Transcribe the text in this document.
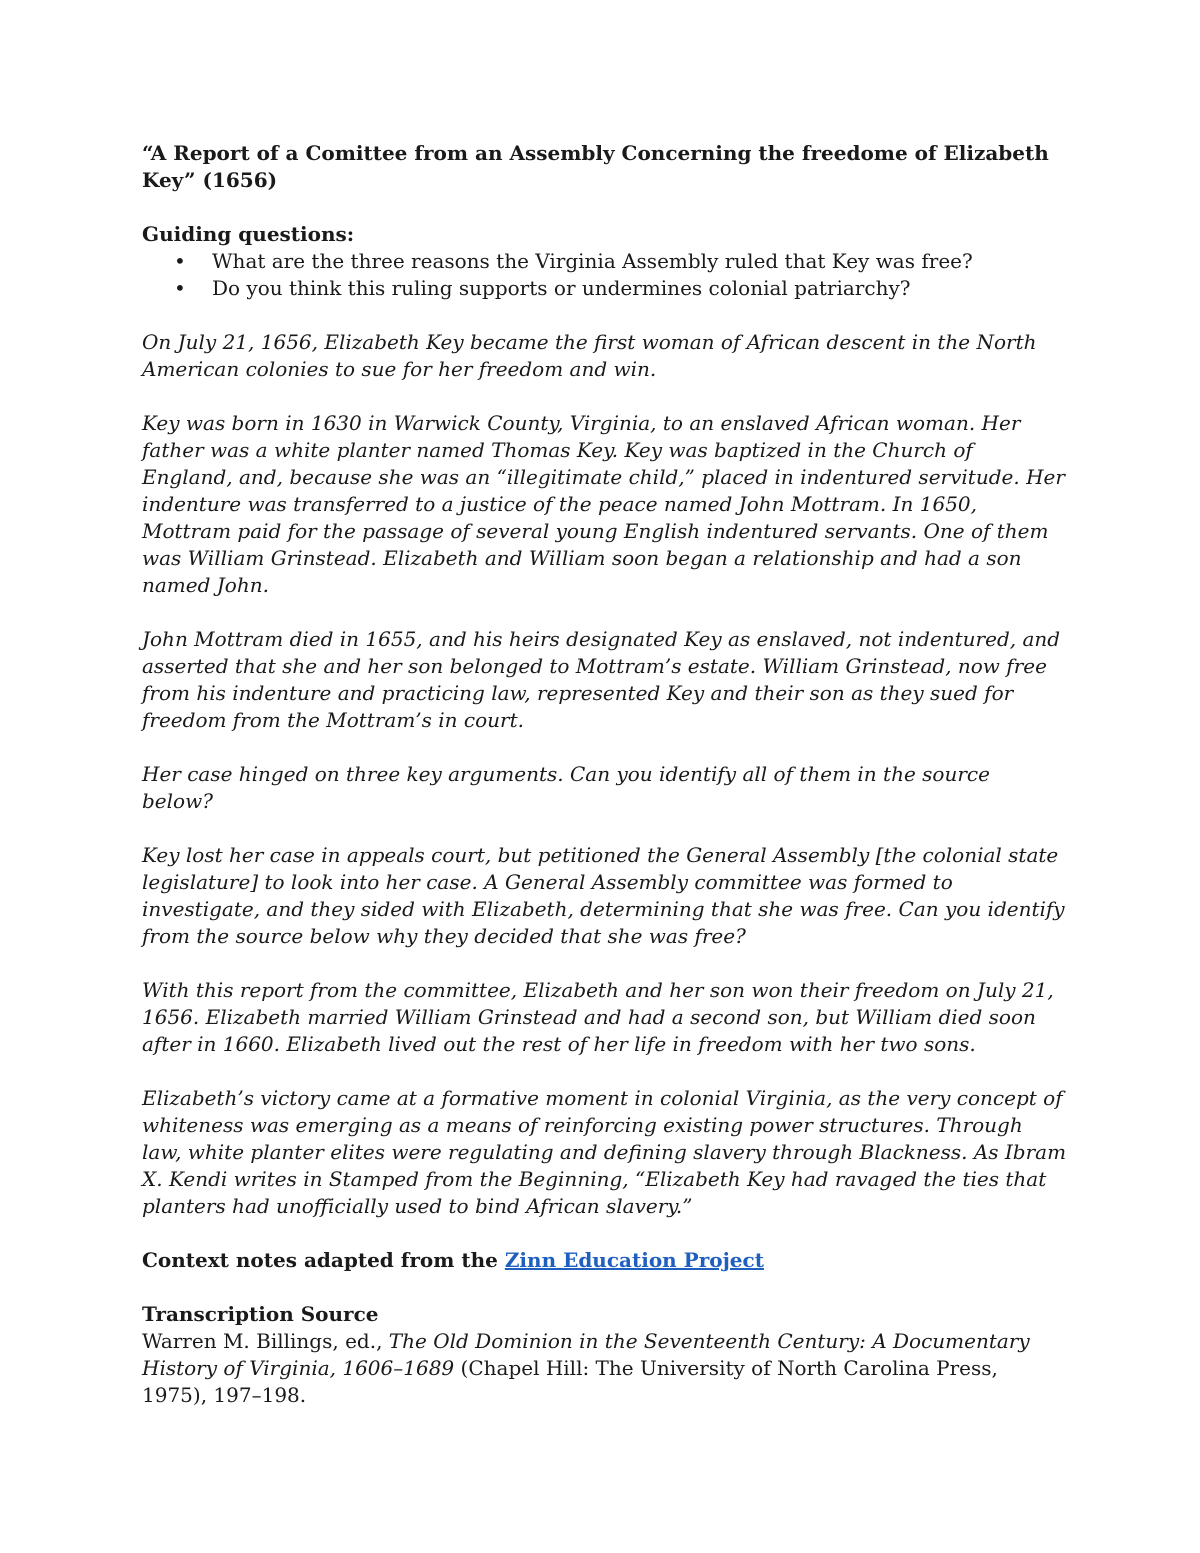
“A Report of a Comittee from an Assembly Concerning the freedome of Elizabeth Key” (1656)

Guiding questions:

• What are the three reasons the Virginia Assembly ruled that Key was free?
• Do you think this ruling supports or undermines colonial patriarchy?

On July 21, 1656, Elizabeth Key became the first woman of African descent in the North American colonies to sue for her freedom and win.

Key was born in 1630 in Warwick County, Virginia, to an enslaved African woman. Her father was a white planter named Thomas Key. Key was baptized in the Church of England, and, because she was an “illegitimate child,” placed in indentured servitude. Her indenture was transferred to a justice of the peace named John Mottram. In 1650, Mottram paid for the passage of several young English indentured servants. One of them was William Grinstead. Elizabeth and William soon began a relationship and had a son named John.

John Mottram died in 1655, and his heirs designated Key as enslaved, not indentured, and asserted that she and her son belonged to Mottram’s estate. William Grinstead, now free from his indenture and practicing law, represented Key and their son as they sued for freedom from the Mottram’s in court.

Her case hinged on three key arguments. Can you identify all of them in the source below?

Key lost her case in appeals court, but petitioned the General Assembly [the colonial state legislature] to look into her case. A General Assembly committee was formed to investigate, and they sided with Elizabeth, determining that she was free. Can you identify from the source below why they decided that she was free?

With this report from the committee, Elizabeth and her son won their freedom on July 21, 1656. Elizabeth married William Grinstead and had a second son, but William died soon after in 1660. Elizabeth lived out the rest of her life in freedom with her two sons.

Elizabeth’s victory came at a formative moment in colonial Virginia, as the very concept of whiteness was emerging as a means of reinforcing existing power structures. Through law, white planter elites were regulating and defining slavery through Blackness. As Ibram X. Kendi writes in Stamped from the Beginning, “Elizabeth Key had ravaged the ties that planters had unofficially used to bind African slavery.”

Context notes adapted from the Zinn Education Project

Transcription Source

Warren M. Billings, ed., The Old Dominion in the Seventeenth Century: A Documentary History of Virginia, 1606–1689 (Chapel Hill: The University of North Carolina Press, 1975), 197–198.
